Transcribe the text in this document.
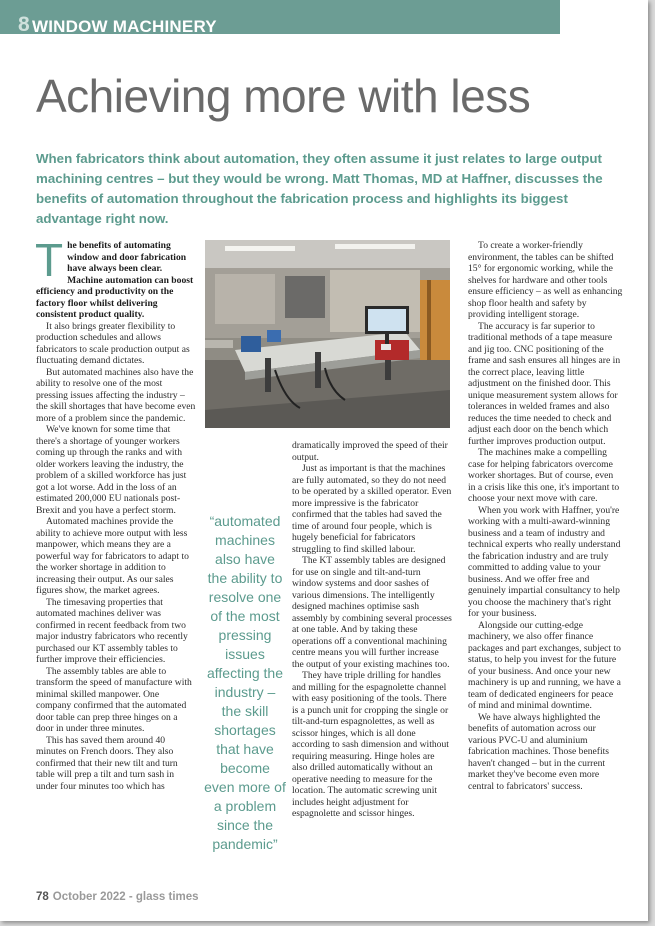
8 WINDOW MACHINERY
Achieving more with less
When fabricators think about automation, they often assume it just relates to large output machining centres – but they would be wrong. Matt Thomas, MD at Haffner, discusses the benefits of automation throughout the fabrication process and highlights its biggest advantage right now.
T he benefits of automating window and door fabrication have always been clear. Machine automation can boost efficiency and productivity on the factory floor whilst delivering consistent product quality.

It also brings greater flexibility to production schedules and allows fabricators to scale production output as fluctuating demand dictates.

But automated machines also have the ability to resolve one of the most pressing issues affecting the industry – the skill shortages that have become even more of a problem since the pandemic.

We've known for some time that there's a shortage of younger workers coming up through the ranks and with older workers leaving the industry, the problem of a skilled workforce has just got a lot worse. Add in the loss of an estimated 200,000 EU nationals post-Brexit and you have a perfect storm.

Automated machines provide the ability to achieve more output with less manpower, which means they are a powerful way for fabricators to adapt to the worker shortage in addition to increasing their output. As our sales figures show, the market agrees.

The timesaving properties that automated machines deliver was confirmed in recent feedback from two major industry fabricators who recently purchased our KT assembly tables to further improve their efficiencies.

The assembly tables are able to transform the speed of manufacture with minimal skilled manpower. One company confirmed that the automated door table can prep three hinges on a door in under three minutes.

This has saved them around 40 minutes on French doors. They also confirmed that their new tilt and turn table will prep a tilt and turn sash in under four minutes too which has

“automated machines also have the ability to resolve one of the most pressing issues affecting the industry – the skill shortages that have become even more of a problem since the pandemic”

dramatically improved the speed of their output.

Just as important is that the machines are fully automated, so they do not need to be operated by a skilled operator. Even more impressive is the fabricator confirmed that the tables had saved the time of around four people, which is hugely beneficial for fabricators struggling to find skilled labour.

The KT assembly tables are designed for use on single and tilt-and-turn window systems and door sashes of various dimensions. The intelligently designed machines optimise sash assembly by combining several processes at one table. And by taking these operations off a conventional machining centre means you will further increase the output of your existing machines too.

They have triple drilling for handles and milling for the espagnolette channel with easy positioning of the tools. There is a punch unit for cropping the single or tilt-and-turn espagnolettes, as well as scissor hinges, which is all done according to sash dimension and without requiring measuring. Hinge holes are also drilled automatically without an operative needing to measure for the location. The automatic screwing unit includes height adjustment for espagnolette and scissor hinges.

To create a worker-friendly environment, the tables can be shifted 15° for ergonomic working, while the shelves for hardware and other tools ensure efficiency – as well as enhancing shop floor health and safety by providing intelligent storage.

The accuracy is far superior to traditional methods of a tape measure and jig too. CNC positioning of the frame and sash ensures all hinges are in the correct place, leaving little adjustment on the finished door. This unique measurement system allows for tolerances in welded frames and also reduces the time needed to check and adjust each door on the bench which further improves production output.

The machines make a compelling case for helping fabricators overcome worker shortages. But of course, even in a crisis like this one, it's important to choose your next move with care.

When you work with Haffner, you're working with a multi-award-winning business and a team of industry and technical experts who really understand the fabrication industry and are truly committed to adding value to your business. And we offer free and genuinely impartial consultancy to help you choose the machinery that's right for your business.

Alongside our cutting-edge machinery, we also offer finance packages and part exchanges, subject to status, to help you invest for the future of your business. And once your new machinery is up and running, we have a team of dedicated engineers for peace of mind and minimal downtime.

We have always highlighted the benefits of automation across our various PVC-U and aluminium fabrication machines. Those benefits haven't changed – but in the current market they've become even more central to fabricators' success.

78 October 2022 - glass times
